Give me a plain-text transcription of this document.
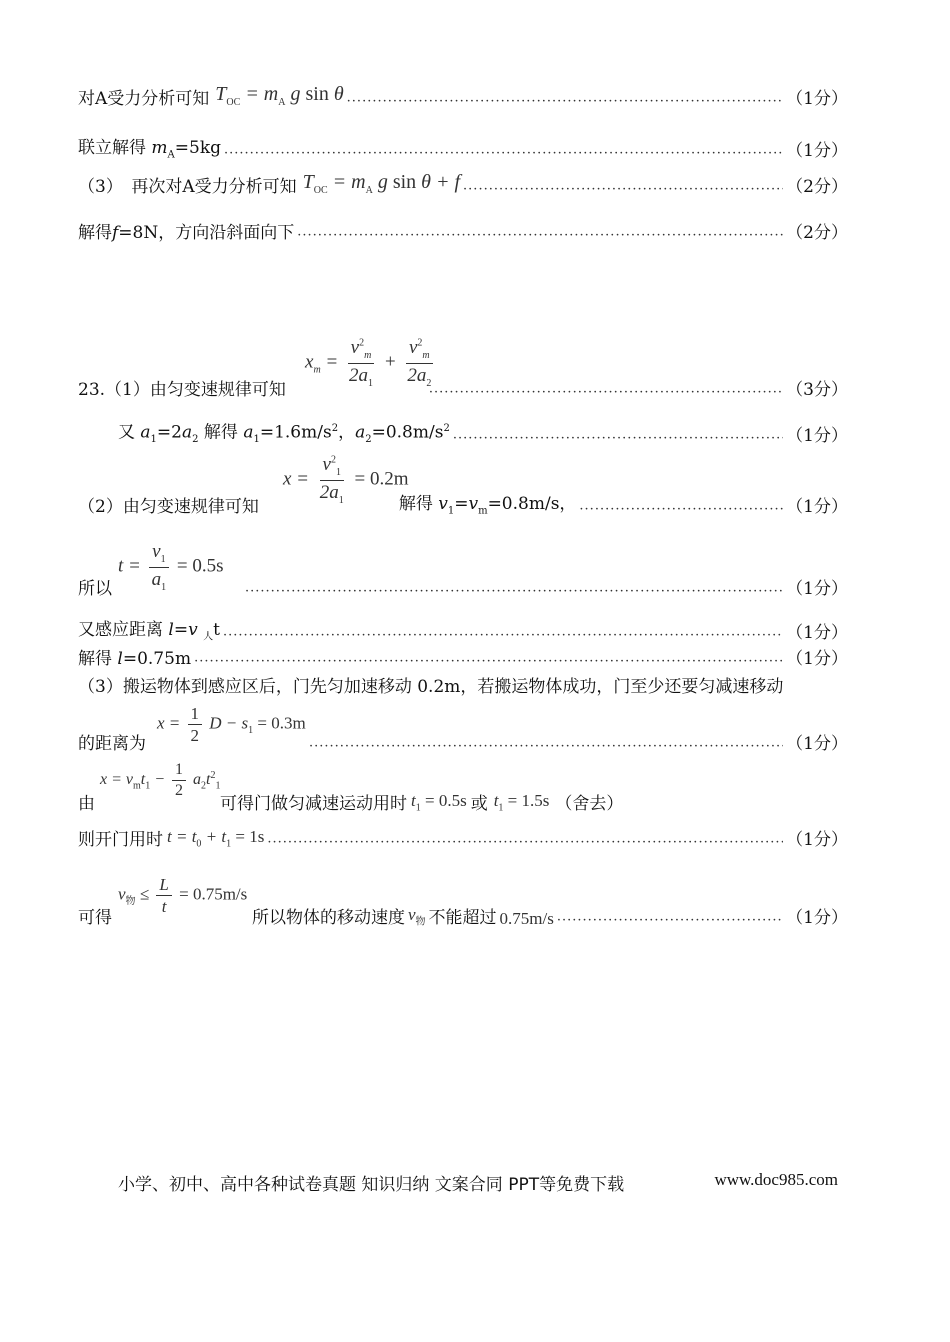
对A受力分析可知 $T_{OC} = m_A$ g sin θ ·····	（1分）
联立解得 $m_A=5kg$ ·····	（1分）
（3）　再次对A受力分析可知 $T_{OC} = m_A$ g sin θ + f ·····	（2分）
解得f=8N，方向沿斜面向下 ·····	（2分）
$x_m = \frac{v^2_m}{2a_1} + \frac{v^2_m}{2a_2}$
23.（1）由匀变速规律可知 ·····	（3分）
又 $a_1=2a_2$ 解得 $a_1=1.6m/s^2$，$a_2=0.8m/s^2$ ·····	（1分）
$x = \frac{v^2_1}{2a_1} = 0.2m$
（2）由匀变速规律可知	解得 $v_1=v_m=0.8m/s$， ·····	（1分）
$t = \frac{v_1}{a_1} = 0.5s$
所以 ·····	（1分）
又感应距离 l=v $_人$t ·····	（1分）
解得 l=0.75m ·····	（1分）
（3）搬运物体到感应区后，门先匀加速移动 0.2m，若搬运物体成功，门至少还要匀减速移动
$x = \frac{1}{2}$ $D - s_1 = 0.3m$
的距离为 ·····	（1分）
$x = v_mt_1 - \frac{1}{2} a_2t^2_1$
由	可得门做匀减速运动用时 $t_1 = 0.5s$ 或 $t_1 = 1.5s$ （舍去）
则开门用时 $t = t_0 + t_1 = 1s$ ·····	（1分）
$v_物 \le \frac{L}{t} = 0.75m/s$
可得	所以物体的移动速度 $v_物$ 不能超过 0.75m/s ·····	（1分）
小学、初中、高中各种试卷真题 知识归纳 文案合同 PPT等免费下载	www.doc985.com
